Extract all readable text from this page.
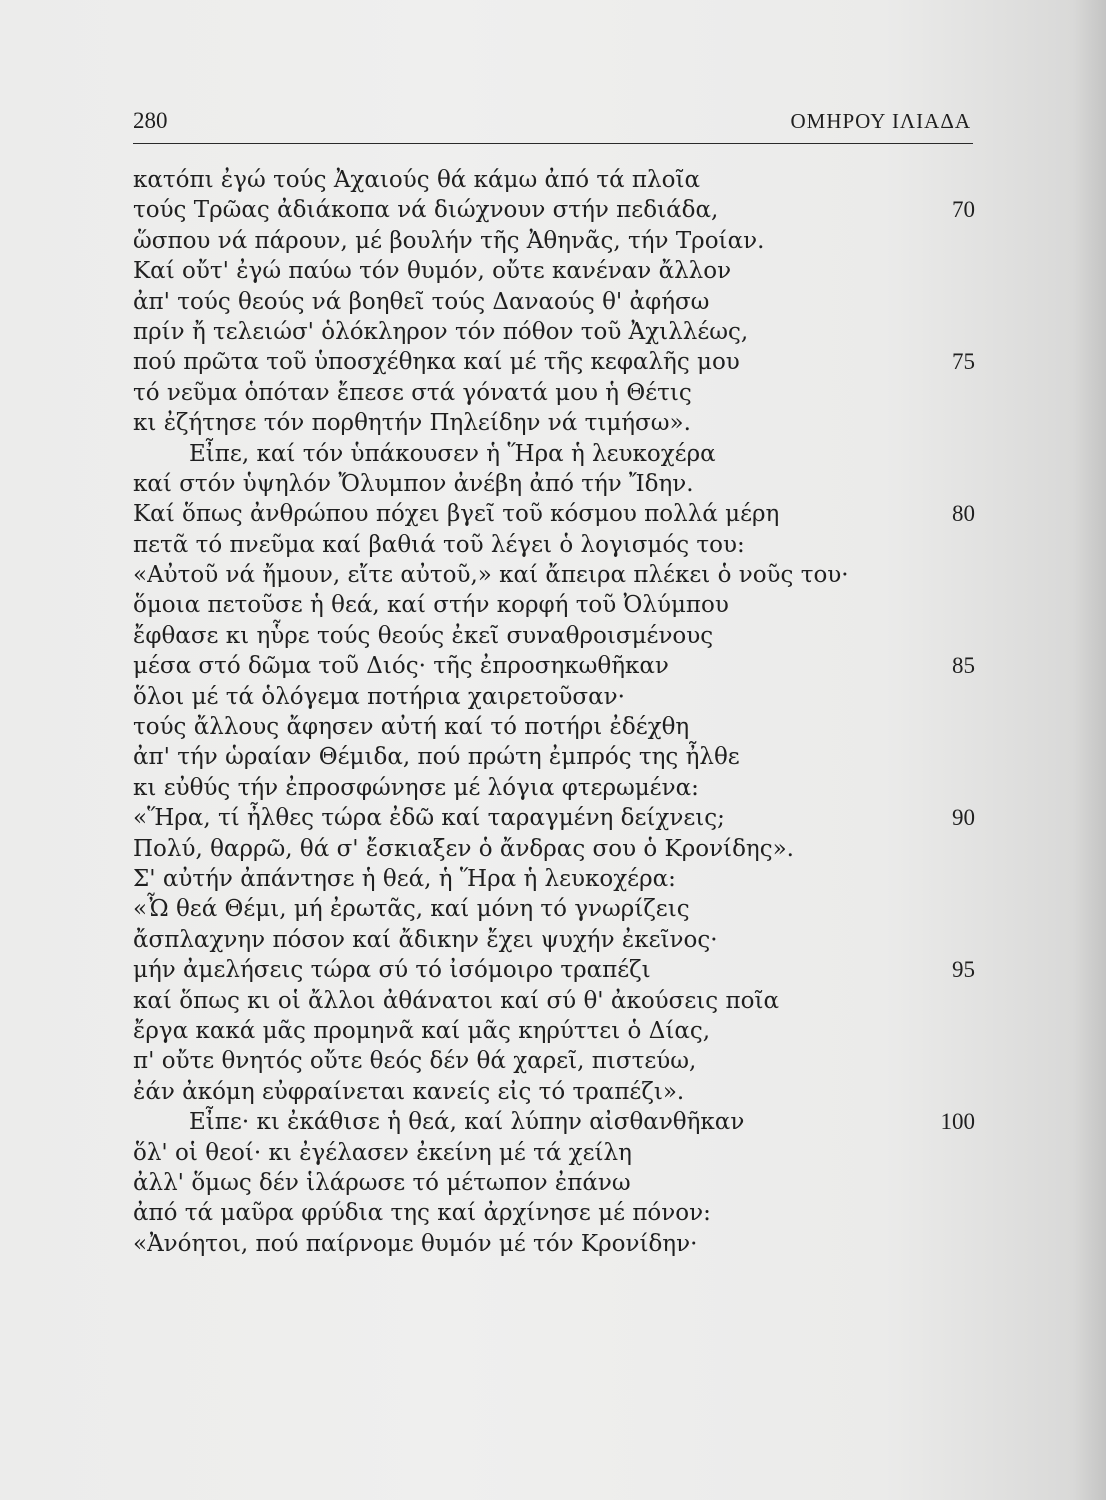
280	ΟΜΗΡΟΥ ΙΛΙΑΔΑ
κατόπι ἐγώ τούς Ἀχαιούς θά κάμω ἀπό τά πλοῖα
τούς Τρῶας ἀδιάκοπα νά διώχνουν στήν πεδιάδα,	70
ὥσπου νά πάρουν, μέ βουλήν τῆς Ἀθηνᾶς, τήν Τροίαν.
Καί οὔτ' ἐγώ παύω τόν θυμόν, οὔτε κανέναν ἄλλον
ἀπ' τούς θεούς νά βοηθεῖ τούς Δαναούς θ' ἀφήσω
πρίν ἤ τελειώσ' ὁλόκληρον τόν πόθον τοῦ Ἀχιλλέως,
πού πρῶτα τοῦ ὑποσχέθηκα καί μέ τῆς κεφαλῆς μου	75
τό νεῦμα ὁπόταν ἔπεσε στά γόνατά μου ἡ Θέτις
κι ἐζήτησε τόν πορθητήν Πηλείδην νά τιμήσω».
Εἶπε, καί τόν ὑπάκουσεν ἡ Ἥρα ἡ λευκοχέρα
καί στόν ὑψηλόν Ὄλυμπον ἀνέβη ἀπό τήν Ἴδην.
Καί ὅπως ἀνθρώπου πόχει βγεῖ τοῦ κόσμου πολλά μέρη	80
πετᾶ τό πνεῦμα καί βαθιά τοῦ λέγει ὁ λογισμός του:
«Αὐτοῦ νά ἤμουν, εἴτε αὐτοῦ,» καί ἄπειρα πλέκει ὁ νοῦς του·
ὅμοια πετοῦσε ἡ θεά, καί στήν κορφή τοῦ Ὀλύμπου
ἔφθασε κι ηὗρε τούς θεούς ἐκεῖ συναθροισμένους
μέσα στό δῶμα τοῦ Διός· τῆς ἐπροσηκωθῆκαν	85
ὅλοι μέ τά ὁλόγεμα ποτήρια χαιρετοῦσαν·
τούς ἄλλους ἄφησεν αὐτή καί τό ποτήρι ἐδέχθη
ἀπ' τήν ὡραίαν Θέμιδα, πού πρώτη ἐμπρός της ἦλθε
κι εὐθύς τήν ἐπροσφώνησε μέ λόγια φτερωμένα:
«Ἥρα, τί ἦλθες τώρα ἐδῶ καί ταραγμένη δείχνεις;	90
Πολύ, θαρρῶ, θά σ' ἔσκιαξεν ὁ ἄνδρας σου ὁ Κρονίδης».
Σ' αὐτήν ἀπάντησε ἡ θεά, ἡ Ἥρα ἡ λευκοχέρα:
«Ὦ θεά Θέμι, μή ἐρωτᾶς, καί μόνη τό γνωρίζεις
ἄσπλαχνην πόσον καί ἄδικην ἔχει ψυχήν ἐκεῖνος·
μήν ἀμελήσεις τώρα σύ τό ἰσόμοιρο τραπέζι	95
καί ὅπως κι οἱ ἄλλοι ἀθάνατοι καί σύ θ' ἀκούσεις ποῖα
ἔργα κακά μᾶς προμηνᾶ καί μᾶς κηρύττει ὁ Δίας,
π' οὔτε θνητός οὔτε θεός δέν θά χαρεῖ, πιστεύω,
ἐάν ἀκόμη εὐφραίνεται κανείς εἰς τό τραπέζι».
Εἶπε· κι ἐκάθισε ἡ θεά, καί λύπην αἰσθανθῆκαν	100
ὅλ' οἱ θεοί· κι ἐγέλασεν ἐκείνη μέ τά χείλη
ἀλλ' ὅμως δέν ἱλάρωσε τό μέτωπον ἐπάνω
ἀπό τά μαῦρα φρύδια της καί ἀρχίνησε μέ πόνον:
«Ἀνόητοι, πού παίρνομε θυμόν μέ τόν Κρονίδην·
